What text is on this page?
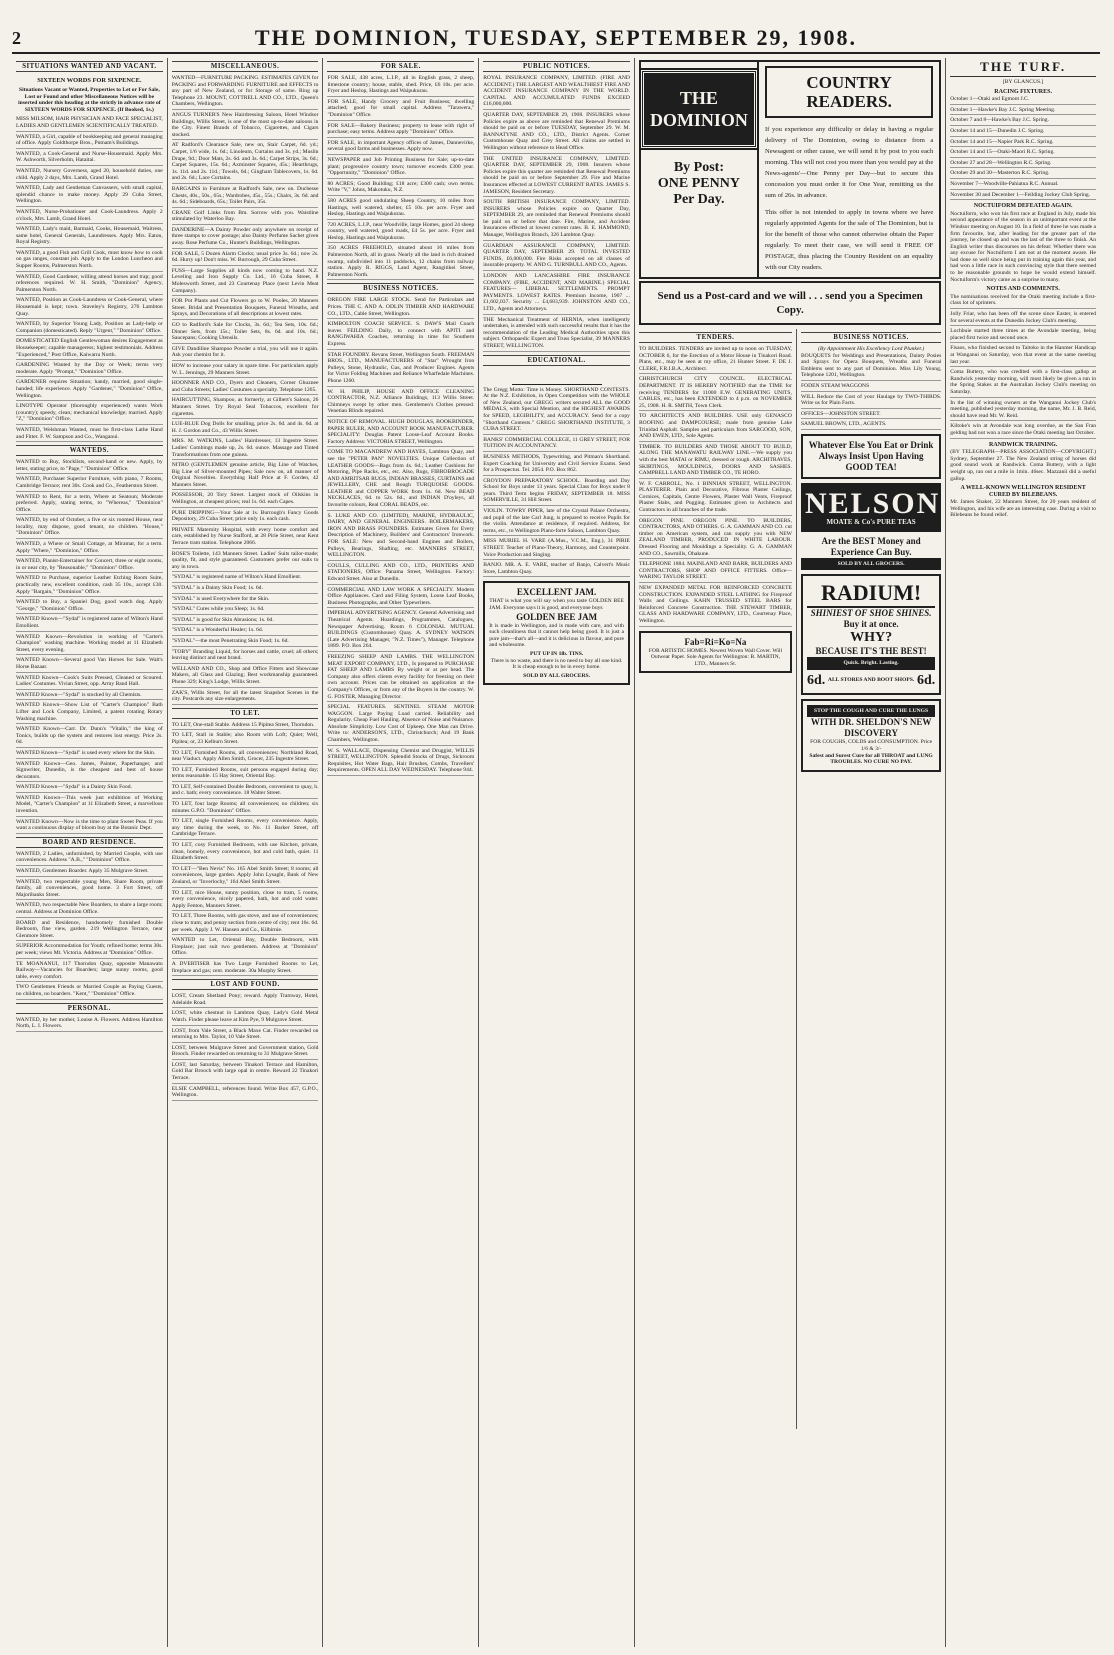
2	THE DOMINION, TUESDAY, SEPTEMBER 29, 1908.
SITUATIONS WANTED AND VACANT.
SIXTEEN WORDS FOR SIXPENCE.
Situations Vacant or Wanted, Properties to Let or For Sale, Lost or Found and other Miscellaneous Notices will be inserted under this heading at the strictly in advance rate of SIXTEEN WORDS FOR SIXPENCE. (If Booked, 1s.)
MISS MILSOM, HAIR PHYSICIAN AND FACE SPECIALIST, LADIES AND GENTLEMEN SCIENTIFICALLY TREATED.
WANTED, a Girl, capable of bookkeeping and general managing of office. Apply Goldthorpe Bros., Putnam's Buildings.
WANTED, a Cook-General and Nurse-Housemaid. Apply Mrs. W. Ashworth, Silverholm, Hataitai.
WANTED, Nursery Governess, aged 20, household duties, one child. Apply 2 days, Mrs. Lamb, Grand Hotel.
WANTED, Lady and Gentleman Canvassers, with small capital, splendid chance to make money. Apply 29 Cuba Street, Wellington.
WANTED, Nurse-Probationer and Cook-Laundress. Apply 2 o'clock, Mrs. Lamb, Grand Hotel.
WANTED, Lady's maid, Barmaid, Cooks, Housemaid, Waitress, same hotel, General Generals, Laundresses. Apply Mrs. Eaton, Royal Registry.
WANTED, a good Fish and Grill Cook, must know how to cook on gas ranges, constant job. Apply to the London Luncheon and Supper Rooms, Palmerston North.
WANTED, Good Gardener, willing attend horses and trap; good references required. W. H. Smith, "Dominion" Agency, Palmerston North.
WANTED, Position as Cook-Laundress or Cook-General, where Housemaid is kept; town. Staveley's Registry, 276 Lambton Quay.
WANTED, by Superior Young Lady, Position as Lady-help or Companion (domesticated). Reply "Urgent," "Dominion" Office.
DOMESTICATED English Gentlewoman desires Engagement as Housekeeper; capable manageress; highest testimonials. Address "Experienced," Post Office, Kaiwarra North.
GARDENING Wanted by the Day or Week; terms very moderate. Apply "Prompt," "Dominion" Office.
GARDENER requires Situation; handy, married, good single-handed; life experience. Apply "Gardener," "Dominion" Office, Wellington.
LINOTYPE Operator (thoroughly experienced) wants Work (country); speedy, clean; mechanical knowledge; married. Apply "Z," "Dominion" Office.
WANTED, Welshman Wanted, must be first-class Lathe Hand and Fitter. F. W. Sampson and Co., Wanganui.
WANTEDS.
WANTED to Buy, Stocklists, second-hand or new. Apply, by letter, stating price, to "Page," "Dominion" Office.
WANTED, Purchaser Superior Furniture, with piano, 7 Rooms, Cambridge Terrace; rent 30s. Cook and Co., Featherston Street.
WANTED to Rent, for a term, Where at Seatoun; Moderate preferred. Apply, stating terms, to "Whereas," "Dominion" Office.
WANTED, by end of October, a five or six roomed House, near locality, may dispose, good tenant, no children. "House," "Dominion" Office.
WANTED, a Where or Small Cottage, at Miramar, for a term. Apply "Where," "Dominion," Office.
WANTED, Pianist-Entertainer for Concert, three or eight rooms, in or near city, by "Reasonable," "Dominion" Office.
WANTED to Purchase, superior Leather Etching Room Suite, practically new, excellent condition, cash 35 10s., accept £30. Apply "Bargain," "Dominion" Office.
WANTED to Buy, a Spaniel Dog, good watch dog. Apply "George," "Dominion" Office.
WANTED Known—"Sydal" is registered name of Wilton's Hand Emollient.
WANTED Known—Revolution in working of "Carter's Champion" washing machine. Working model at 11 Elizabeth Street, every evening.
WANTED Known—Several good Van Horses for Sale. Walt's Horse Bazaar.
WANTED Known—Cook's Suits Pressed, Cleaned or Scoured. Ladies' Costumes. Vivian Street, opp. Army Band Hall.
WANTED Known—"Sydal" is stocked by all Chemists.
WANTED Known—Show List of "Carter's Champion" Bath Lifter and Lock Company, Limited, a patent rotating Rotary Washing machine.
WANTED Known—Carr. Dr. Dunn's "Vitalin," the king of Tonics, builds up the system and restores lost energy. Price 2s. 6d.
WANTED Known—"Sydal" is used every where for the Skin.
WANTED Known—Geo. James, Painter, Paperhanger, and Signwriter, Dunedin, is the cheapest and best of house decorators.
WANTED Known—"Sydal" is a Dainty Skin Food.
WANTED Known—This week just exhibition of Working Model, "Carter's Champion" at 11 Elizabeth Street, a marvellous invention.
WANTED Known—Now is the time to plant Sweet Peas. If you want a continuous display of bloom buy at the Botanic Dept.
BOARD AND RESIDENCE.
WANTED, 2 Ladies, unfurnished, by Married Couple, with use conveniences. Address "A.B.," "Dominion" Office.
WANTED, Gentlemen Boarder. Apply 35 Mulgrave Street.
WANTED, two respectable young Men, Share Room, private family, all conveniences, good home. 3 Fort Street, off Majoribanks Street.
WANTED, two respectable New Boarders, to share a large room; central. Address at Dominion Office.
BOARD and Residence, handsomely furnished Double Bedroom, fine view, garden. 219 Wellington Terrace, near Glenmore Street.
SUPERIOR Accommodation for Youth; refined home; terms 30s. per week; views Mt. Victoria. Address at "Dominion" Office.
TE MOANANUI, 117 Thorndon Quay, opposite Manawatu Railway—Vacancies for Boarders; large sunny rooms, good table, every comfort.
TWO Gentlemen Friends or Married Couple as Paying Guests, no children, no boarders. "Kent," "Dominion" Office.
PERSONAL.
WANTED, by her mother, Louise A. Flowers. Address Hamilton North, L. I. Flowers.
MISCELLANEOUS.
WANTED—FURNITURE PACKING. ESTIMATES GIVEN for PACKING and FORWARDING FURNITURE and EFFECTS to any part of New Zealand, or for Storage of same. Ring up Telephone 23. MOUNT, COTTRELL AND CO., LTD., Queen's Chambers, Wellington.
ANGUS TURNER'S New Hairdressing Saloon, Hotel Windsor Buildings, Willis Street, is one of the most up-to-date saloons in the City. Finest Brands of Tobacco, Cigarettes, and Cigars stocked.
AT Radford's Clearance Sale, new on, Stair Carpet, 6d. yd.; Carpet, 1/6 wide, 1s. 6d.; Linoleum, Curtains and 3s. yd.; Muslin Drape, 9d.; Door Mats, 2s. 6d. and 3s. 6d.; Carpet Strips, 3s. 6d.; Carpet Squares, 15s. 6d.; Axminster Squares, 45s.; Hearthrugs, 1s. 11d. and 2s. 11d.; Towels, 6d.; Gingham Tablecovers, 1s. 6d. and 2s. 6d.; Lace Curtains.
BARGAINS in Furniture at Radford's Sale, new on. Duchesse Chests, 40s., 50s., 65s.; Wardrobes, 45s., 55s.; Chairs, 3s. 6d. and 4s. 6d.; Sideboards, 65s.; Toilet Pairs, 35s.
CRANE Golf Links from Bm. Sorrow with you. Waistline stimulated by Waterloo Bay.
DANDERINE—A Dainty Powder only anywhere on receipt of three stamps to cover postage; also Dainty Perfume Sachet given away. Rose Perfume Co., Hunter's Buildings, Wellington.
FOR SALE, 5 Dozen Alarm Clocks; usual price 3s. 6d.; now 2s. 6d. Hurry up! Don't miss. W. Burrough, 29 Cuba Street.
FUSS—Large Supplies all kinds now coming to hand. N.Z. Leveling and Iron Supply Co. Ltd., 16 Cuba Street, 8 Molesworth Street, and 23 Courtenay Place (next Levin Meat Company).
FOR Pot Plants and Cut Flowers go to W. Pooles, 20 Manners Street. Bridal and Presentation Bouquets, Funeral Wreaths, and Sprays, and Decorations of all descriptions at lowest rates.
GO to Radford's Sale for Clocks, 3s. 6d.; Tea Sets, 10s. 6d.; Dinner Sets, from 15s.; Toilet Sets, 8s. 6d. and 10s. 6d.; Saucepans; Cooking Utensils.
GIVE Dandiline Shampoo Powder a trial, you will use it again. Ask your chemist for it.
HOW to increase your salary in spare time. For particulars apply W. L. Jennings, 29 Manners Street.
HOONNER AND CO., Dyers and Cleaners, Corner Ghuznee and Cuba Streets; Ladies' Costumes a specialty. Telephone 1265.
HAIRCUTTING, Shampoo, as formerly, at Gilbert's Saloon, 26 Manners Street. Try Royal Seal Tobaccos, excellent for cigarettes.
LUE-BLUE Dog Dolls for smalling, price 2s. 6d. and 4s. 6d. at H. J. Gordon and Co., 43 Willis Street.
MRS. M. WATKINS, Ladies' Hairdresser, 13 Ingestre Street. Ladies' Combings made up, 2s. 6d. ounce. Massage and Tinted Transformations from one guinea.
NITRO (GENTLEMEN genuine article, Big Line of Watches, Big Line of Silver-mounted Pipes; Sale now on, all manner of Original Novelties. Everything Half Price at F. Corden, 42 Manners Street.
POSSESSOR, 20 Tory Street. Largest stock of Oilskins in Wellington, at cheapest prices; real 1s. 6d. each Capes.
PURE DRIPPING—Your Sale at 1s. Burrough's Fancy Goods Depository, 29 Cuba Street; price only 1s. each cash.
PRIVATE Maternity Hospital, with every home comfort and care, established by Nurse Stafford, at 28 Pirie Street, near Kent Terrace tram station. Telephone 2066.
ROSE'S Toilette, 143 Manners Street. Ladies' Suits tailor-made; quality, fit, and style guaranteed. Customers prefer our suits to any in town.
"SYDAL" is registered name of Wilton's Hand Emollient.
"SYDAL" is a Dainty Skin Food; 1s. 6d.
"SYDAL" is used Everywhere for the Skin.
"SYDAL" Cures while you Sleep; 1s. 6d.
"SYDAL" is good for Skin Abrasions; 1s. 6d.
"SYDAL" is a Wonderful Healer; 1s. 6d.
"SYDAL"—the most Penetrating Skin Food; 1s. 6d.
"TOBY" Branding Liquid, for horses and cattle, cruel; all others; leaving distinct and neat brand.
WELLAND AND CO., Shop and Office Fitters and Showcase Makers, all Glass and Glazing; Best workmanship guaranteed. Phone 329; King's Lodge, Willis Street.
ZAK'S, Willis Street, for all the latest Snapshot Scenes in the city. Postcards any size enlargements.
TO LET.
TO LET, One-stall Stable. Address 15 Pipitea Street, Thorndon.
TO LET, Stall in Stable; also Room with Loft; Quiet; Well, Pipitea; or, 23 Kelburn Street.
TO LET, Furnished Rooms, all conveniences; Northland Road, near Viaduct. Apply Allen Smith, Grocer, 235 Ingestre Street.
TO LET, Furnished Rooms, suit persons engaged during day; terms reasonable. 15 Hay Street, Oriental Bay.
TO LET, Self-contained Double Bedroom, convenient to quay, h. and c. bath; every convenience. 18 Walter Street.
TO LET, four large Rooms; all conveniences; no children; six minutes G.P.O. "Dominion" Office.
TO LET, single Furnished Rooms, every convenience. Apply, any time during the week, to No. 11 Barker Street, off Cambridge Terrace.
TO LET, cosy Furnished Bedroom, with use Kitchen, private, clean, homely, every convenience, hot and cold bath, quiet. 11 Elizabeth Street.
TO LET—"Ben Nevis" No. 165 Abel Smith Street; 8 rooms; all conveniences, large garden. Apply John Lysaght, Bank of New Zealand, or "Inverlochy," 164 Abel Smith Street.
TO LET, nice House, sunny position, close to tram, 5 rooms, every convenience, nicely papered, bath, hot and cold water. Apply Fenton, Manners Street.
TO LET, Three Rooms, with gas stove, and use of conveniences; close to tram; and penny section from centre of city; rent 16s. 6d. per week. Apply J. W. Hansen and Co., Kilbirnie.
WANTED to Let, Oriental Bay, Double Bedroom, with Fireplace; just suit two gentlemen. Address at "Dominion" Office.
A DVERTISER has Two Large Furnished Rooms to Let, fireplace and gas; cent. moderate. 30a Murphy Street.
LOST AND FOUND.
LOST, Cream Shetland Pony; reward. Apply Tramway, Hotel, Adelaide Road.
LOST, white chestnut in Lambton Quay, Lady's Gold Metal Watch. Finder please leave at Kim Pye, 9 Mulgrave Street.
LOST, from Vale Street, a Black Maxe Cat. Finder rewarded on returning to Mrs. Taylor, 10 Vale Street.
LOST, between Mulgrave Street and Government station, Gold Brooch. Finder rewarded on returning to 31 Mulgrave Street.
LOST, last Saturday, between Tinakori Terrace and Hamilton, Gold Bar Brooch with large opal in centre. Reward 22 Tinakori Terrace.
ELSIE CAMPBELL, references found. Write Box 457, G.P.O., Wellington.
FOR SALE.
FOR SALE, 438 acres, L.I.P., all in English grass, 2 sheep, limestone country; house, stable, shed. Price, £6 10s. per acre. Fryer and Heslop, Hastings and Waipukurau.
FOR SALE, Handy Grocery and Fruit Business; dwelling attached; good for small capital. Address "Tarawera," "Dominion" Office.
FOR SALE—Bakery Business; property to lease with right of purchase; easy terms. Address apply "Dominion" Office.
FOR SALE, in important Agency offices of James, Dannevirke, several good farms and businesses. Apply now.
NEWSPAPER and Job Printing Business for Sale; up-to-date plant; progressive country town; turnover exceeds £300 year. "Opportunity," "Dominion" Office.
80 ACRES; Good Building; £18 acre; £300 cash; own terms. Write "V," Johns, Makotuku, N.Z.
580 ACRES good undulating Sheep Country, 10 miles from Hastings, well watered, shelter, £5 10s. per acre. Fryer and Heslop, Hastings and Waipukurau.
720 ACRES, L.I.P., near Woodville, large Homes, good 24 sheep country, well watered, good roads, £4 5s. per acre. Fryer and Heslop, Hastings and Waipukurau.
350 ACRES FREEHOLD, situated about 16 miles from Palmerston North, all in grass. Nearly all the land is rich drained swamp, subdivided into 11 paddocks, 12 chains from railway station. Apply R. RIGGS, Land Agent, Rangitikei Street, Palmerston North.
BUSINESS NOTICES.
OREGON FIRE LARGE STOCK. Send for Particulars and Prices. THE C. AND A. ODLIN TIMBER AND HARDWARE CO., LTD., Cable Street, Wellington.
KIMBOLTON COACH SERVICE. S. DAW'S Mail Coach leaves FEILDING Daily, to connect with APITI and RANGIWAHIA Coaches, returning in time for Southern Express.
STAR FOUNDRY. Revans Street, Wellington South. FREEMAN BROS., LTD., MANUFACTURERS of "Star" Wrought Iron Pulleys, Stone, Hydraulic, Gas, and Producer Engines. Agents for Victor Folding Machines and Reliance Wharfedale Machines. Phone 1260.
W. H. PHILIP, HOUSE AND OFFICE CLEANING CONTRACTOR, N.Z. Alliance Buildings, 113 Willis Street. Chimneys swept by other men. Gentlemen's Clothes pressed. Venetian Blinds repaired.
NOTICE OF REMOVAL. HUGH DOUGLAS, BOOKBINDER, PAPER RULER, AND ACCOUNT BOOK MANUFACTURER. SPECIALITY: Douglas Patent Loose-Leaf Account Books. Factory Address: VICTORIA STREET, Wellington.
COME TO MACANDREW AND HAYES, Lambton Quay, and see the "PETER PAN" NOVELTIES. Unique Collection of LEATHER GOODS—Bags from 4s. 6d.; Leather Cushions for Motoring, Pipe Racks, etc., etc. Also, Rugs, FIBROBROCADE AND AMRITSAR RUGS, INDIAN BRASSES, CURTAINS and JEWELLERY, CHE and Rough TURQUOISE GOODS. LEATHER and COPPER WORK from 1s. 6d. New BEAD NECKLACES, 6d. to 52s. 6d., and INDIAN D'oyleys, all favourite colours, Real CORAL BEADS, etc.
S. LUKE AND CO. (LIMITED), MARINE, HYDRAULIC, DAIRY, AND GENERAL ENGINEERS. BOILERMAKERS, IRON AND BRASS FOUNDERS. Estimates Given for Every Description of Machinery, Builders' and Contractors' Ironwork. FOR SALE: New and Second-hand Engines and Boilers, Pulleys, Bearings, Shafting, etc. MANNERS STREET, WELLINGTON.
COULLS, CULLING AND CO., LTD., PRINTERS AND STATIONERS, Office: Panama Street, Wellington. Factory: Edward Street. Also at Dunedin.
COMMERCIAL AND LAW WORK A SPECIALTY. Modern Office Appliances. Card and Filing System, Loose Leaf Books, Business Photographs, and Other Typewriters.
IMPERIAL ADVERTISING AGENCY. General Advertising and Theatrical Agents. Hoardings, Programmes, Catalogues, Newspaper Advertising. Room 6 COLONIAL MUTUAL BUILDINGS (Customhouse) Quay. A. SYDNEY WATSON (Late Advertising Manager, "N.Z. Times"), Manager. Telephone 1889. P.O. Box 264.
FREEZING SHEEP AND LAMBS. THE WELLINGTON MEAT EXPORT COMPANY, LTD., Is prepared to PURCHASE FAT SHEEP AND LAMBS By weight or at per head. The Company also offers clients every facility for freezing on their own account. Prices can be obtained on application at the Company's Offices, or from any of the Buyers in the country. W. G. FOSTER, Managing Director.
SPECIAL FEATURES. SENTINEL STEAM MOTOR WAGGON. Large Paying Load carried. Reliability and Regularity. Cheap Fuel Hauling. Absence of Noise and Nuisance. Absolute Simplicity. Low Cost of Upkeep. One Man can Drive. Write to: ANDERSON'S, LTD., Christchurch; And 19 Bank Chambers, Wellington.
W. S. WALLACE, Dispensing Chemist and Druggist, WILLIS STREET, WELLINGTON. Splendid Stocks of Drugs, Sickroom Requisites, Hot Water Bags, Hair Brushes, Combs, Travellers' Requirements. OPEN ALL DAY WEDNESDAY. Telephone 944.
PUBLIC NOTICES.
ROYAL INSURANCE COMPANY, LIMITED. (FIRE AND ACCIDENT.) THE LARGEST AND WEALTHIEST FIRE AND ACCIDENT INSURANCE COMPANY IN THE WORLD. CAPITAL AND ACCUMULATED FUNDS EXCEED £16,000,000.
QUARTER DAY, SEPTEMBER 29, 1908. INSURERS whose Policies expire as above are reminded that Renewal Premiums should be paid on or before TUESDAY, September 29. W. M. BANNATYNE AND CO., LTD., District Agents. Corner Customhouse Quay and Grey Street. All claims are settled in Wellington without reference to Head Office.
THE UNITED INSURANCE COMPANY, LIMITED. QUARTER DAY, SEPTEMBER 29, 1908. Insurers whose Policies expire this quarter are reminded that Renewal Premiums should be paid on or before September 29. Fire and Marine Insurances effected at LOWEST CURRENT RATES. JAMES S. JAMESON, Resident Secretary.
SOUTH BRITISH INSURANCE COMPANY, LIMITED. INSURERS whose Policies expire on Quarter Day, SEPTEMBER 29, are reminded that Renewal Premiums should be paid on or before that date. Fire, Marine, and Accident Insurances effected at lowest current rates. B. E. HAMMOND, Manager, Wellington Branch, 326 Lambton Quay.
GUARDIAN ASSURANCE COMPANY, LIMITED. QUARTER DAY, SEPTEMBER 29. TOTAL INVESTED FUNDS, £6,000,000. Fire Risks accepted on all classes of insurable property. W. AND G. TURNBULL AND CO., Agents.
LONDON AND LANCASHIRE FIRE INSURANCE COMPANY. (FIRE, ACCIDENT, AND MARINE.) SPECIAL FEATURES— LIBERAL SETTLEMENTS. PROMPT PAYMENTS. LOWEST RATES. Premium Income, 1907 ... £1,602,037. Security ... £4,683,939. JOHNSTON AND CO., LTD., Agents and Attorneys.
THE Mechanical Treatment of HERNIA, when intelligently undertaken, is attended with such successful results that it has the recommendation of the Leading Medical Authorities upon this subject. Orthopaedic Expert and Truss Specialist, 39 MANNERS STREET, WELLINGTON.
EDUCATIONAL.
The Gregg Motto: Time is Money. SHORTHAND CONTESTS. At the N.Z. Exhibition, in Open Competition with the WHOLE of New Zealand, our GREGG writers secured ALL the GOOD MEDALS, with Special Mention, and the HIGHEST AWARDS for SPEED, LEGIBILITY, and ACCURACY. Send for a copy "Shorthand Contests." GREGG SHORTHAND INSTITUTE, 3 CUBA STREET.
BANKS' COMMERCIAL COLLEGE, 11 GREY STREET, FOR TUITION IN ACCOUNTANCY.
BUSINESS METHODS, Typewriting, and Pitman's Shorthand. Expert Coaching for University and Civil Service Exams. Send for a Prospectus. Tel. 2054. P.O. Box 862.
CROYDON PREPARATORY SCHOOL. Boarding and Day School for Boys under 13 years. Special Class for Boys under 8 years. Third Term begins FRIDAY, SEPTEMBER 18. MISS SOMERVILLE, 31 Hill Street.
VIOLIN. TOWRY PIPER, late of the Crystal Palace Orchestra, and pupil of the late Carl Jung, is prepared to receive Pupils for the violin. Attendance at residence, if required. Address, for terms, etc., to Wellington Piano-forte Saloon, Lambton Quay.
MISS MURIEL H. VARE (A.Mus., V.C.M., Eng.), 31 PIRIE STREET. Teacher of Piano-Theory, Harmony, and Counterpoint. Voice Production and Singing.
BANJO. MR. A. E. VARE, teacher of Banjo, Calvert's Music Store, Lambton Quay.
EXCELLENT JAM.
THAT is what you will say when you taste GOLDEN BEE JAM. Everyone says it is good, and everyone buys
GOLDEN BEE JAM
It is made in Wellington, and is made with care, and with such cleanliness that it cannot help being good. It is just a pure jam—that's all—and it is delicious in flavour, and pure and wholesome.
PUT UP IN 1lb. TINS.
There is no waste, and there is no need to buy all one kind. It is cheap enough to be in every home.
SOLD BY ALL GROCERS.
THE DOMINION
By Post:
ONE PENNY
Per Day.
COUNTRY READERS.

If you experience any difficulty or delay in having a regular delivery of The Dominion, owing to distance from a Newsagent or other cause, we will send it by post to you each morning. This will not cost you more than you would pay at the News-agents'—One Penny per Day—but to secure this concession you must order it for One Year, remitting us the sum of 26s. in advance.

This offer is not intended to apply in towns where we have regularly appointed Agents for the sale of The Dominion, but is for the benefit of those who cannot otherwise obtain the Paper regularly. To meet their case, we will send it FREE OF POSTAGE, thus placing the Country Resident on an equality with our City readers.

Send us a Post-card and we will . . . send you a Specimen Copy.
TENDERS.
TO BUILDERS. TENDERS are invited up to noon on TUESDAY, OCTOBER 6, for the Erection of a Motor House in Tinakori Road. Plans, etc., may be seen at my office, 21 Hunter Street. F. DE J. CLERE, F.R.I.B.A., Architect.
CHRISTCHURCH CITY COUNCIL. ELECTRICAL DEPARTMENT. IT IS HEREBY NOTIFIED that the TIME for receiving TENDERS for 11000 E.W. GENERATING UNITS, CABLES, etc., has been EXTENDED to 4 p.m. on NOVEMBER 25, 1908. H. R. SMITH, Town Clerk.
TO ARCHITECTS AND BUILDERS. USE only GENASCO ROOFING and DAMPCOURSE; made from genuine Lake Trinidad Asphalt. Samples and particulars from SARGOOD, SON, AND EWEN, LTD., Sole Agents.
TIMBER. TO BUILDERS AND THOSE ABOUT TO BUILD, ALONG THE MANAWATU RAILWAY LINE.—We supply you with the best MATAI or RIMU, dressed or rough. ARCHITRAVES, SKIRTINGS, MOULDINGS, DOORS AND SASHES. CAMPBELL LAND AND TIMBER CO., TE HORO.
W. F. CARROLL, No. 1 BINNIAN STREET, WELLINGTON. PLASTERER. Plain and Decorative, Fibrous Plaster Ceilings, Cornices, Capitals, Centre Flowers, Plaster Wall Vents, Fireproof Plaster Slabs, and Pugging. Estimates given to Architects and Contractors in all branches of the trade.
OREGON PINE. OREGON PINE. TO BUILDERS, CONTRACTORS, AND OTHERS. G. A. GAMMAN AND CO. cut timber on American system, and can supply you with NEW ZEALAND TIMBER, PRODUCED IN WHITE LABOUR. Dressed Flooring and Mouldings a Speciality. G. A. GAMMAN AND CO., Sawmills, Ohakune.
TELEPHONE 1884. MAINLAND AND BARR, BUILDERS AND CONTRACTORS, SHOP AND OFFICE FITTERS. Office—WARING TAYLOR STREET.
NEW EXPANDED METAL FOR REINFORCED CONCRETE CONSTRUCTION. EXPANDED STEEL LATHING for Fireproof Walls and Ceilings. KAHN TRUSSED STEEL BARS for Reinforced Concrete Construction. THE STEWART TIMBER, GLASS AND HARDWARE COMPANY, LTD., Courtenay Place, Wellington.
Fab=Ri=Ko=Na
FOR ARTISTIC HOMES. Newest Woven Wall Cover. Will Outwear Paper. Sole Agents for Wellington: B. MARTIN, LTD., Manners St.
BUSINESS NOTICES.
(By Appointment His Excellency Lord Plunket.)
BOUQUETS for Weddings and Presentations, Dainty Posies and Sprays for Opera Bouquets, Wreaths and Funeral Emblems sent to any part of Dominion. Miss Lily Young, Telephone 1201, Wellington.
FODEN STEAM WAGGONS
WILL Reduce the Cost of your Haulage by TWO-THIRDS. Write us for Plain Facts.
OFFICES—JOHNSTON STREET.
SAMUEL BROWN, LTD., AGENTS.
Whatever Else You Eat or Drink Always Insist Upon Having GOOD TEA!
NELSON
MOATE & Co's PURE TEAS
Are the BEST Money and Experience Can Buy.
SOLD BY ALL GROCERS.
RADIUM!
SHINIEST OF SHOE SHINES.
Buy it at once.
WHY?
BECAUSE IT'S THE BEST!
Quick. Bright. Lasting.
6d. ALL STORES AND BOOT SHOPS. 6d.
STOP THE COUGH AND CURE THE LUNGS
WITH DR. SHELDON'S NEW DISCOVERY
FOR COUGHS, COLDS and CONSUMPTION. Price 1/6 & 3/-
Safest and Surest Cure for all THROAT and LUNG TROUBLES. NO CURE NO PAY.
THE TURF.
[BY GLANCUS.]
RACING FIXTURES.
October 1—Otaki and Egmont J.C.
October 1—Hawke's Bay J.C. Spring Meeting.
October 7 and 8—Hawke's Bay J.C. Spring.
October 14 and 15—Dunedin J.C. Spring.
October 14 and 15—Napier Park R.C. Spring.
October 14 and 15—Otaki-Maori R.C. Spring.
October 27 and 28—Wellington R.C. Spring.
October 29 and 30—Masterton R.C. Spring.
November 7—Woodville-Pahiatua R.C. Annual.
November 30 and December 1—Feilding Jockey Club Spring.
NOCTUIFORM DEFEATED AGAIN.
Noctuiform, who won his first race at England in July, made his second appearance of the season in an unimportant event at the Windsor meeting on August 10. In a field of three he was made a firm favourite, but, after leading for the greater part of the journey, he closed up and was the last of the three to finish. An English writer thus discourses on his defeat: Whether there was any excuse for Noctuiform I am not at the moment aware. He had done so well since being put in training again this year, and had won a little race in such convincing style that there seemed to be reasonable grounds to hope he would extend himself. Noctuiform's victory came as a surprise to many.
NOTES AND COMMENTS.
The nominations received for the Otaki meeting include a first-class lot of sprinters.
Jolly Friar, who has been off the scene since Easter, is entered for several events at the Dunedin Jockey Club's meeting.
Lochbuie started three times at the Avondale meeting, being placed first twice and second once.
Fisaos, who finished second to Taitoko in the Hanmer Handicap at Wanganui on Saturday, won that event at the same meeting last year.
Coma Buttery, who was credited with a first-class gallop at Randwick yesterday morning, will most likely be given a run in the Spring Stakes at the Australian Jockey Club's meeting on Saturday.
In the list of winning owners at the Wanganui Jockey Club's meeting, published yesterday morning, the name, Mr. J. B. Reid, should have read Mr. W. Reid.
Kiltoke's win at Avondale was long overdue, as the San Fran gelding had not won a race since the Otaki meeting last October.
RANDWICK TRAINING.
(BY TELEGRAPH—PRESS ASSOCIATION—COPYRIGHT.) Sydney, September 27. The New Zealand string of horses did good sound work at Randwick. Coma Buttery, with a light weight up, ran out a mile in 1min. 46sec. Mazzanii did a useful gallop.
A WELL-KNOWN WELLINGTON RESIDENT CURED BY BILEBEANS.
Mr. James Shaker, 22 Manners Street, for 20 years resident of Wellington, and his wife are an interesting case. During a visit to Bilebeans he found relief.
